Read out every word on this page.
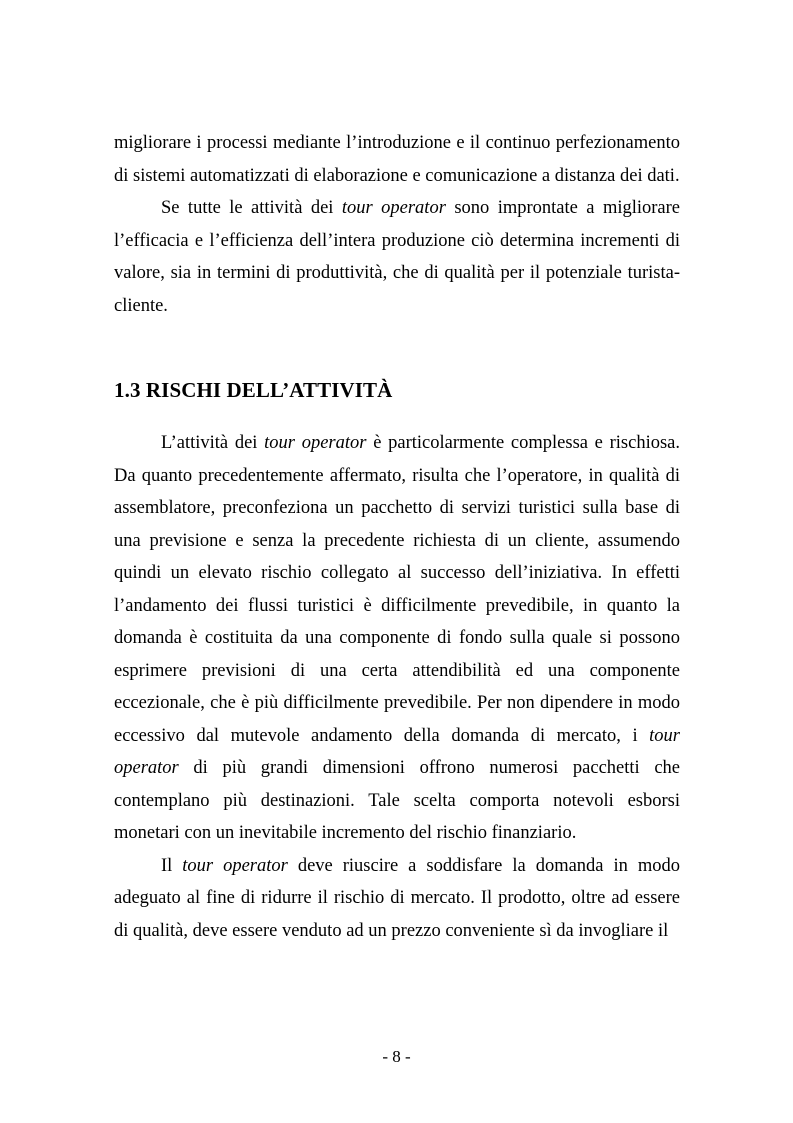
migliorare i processi mediante l’introduzione e il continuo perfezionamento di sistemi automatizzati di elaborazione e comunicazione a distanza dei dati.

Se tutte le attività dei tour operator sono improntate a migliorare l’efficacia e l’efficienza dell’intera produzione ciò determina incrementi di valore, sia in termini di produttività, che di qualità per il potenziale turista-cliente.

1.3 RISCHI DELL’ATTIVITÀ

L’attività dei tour operator è particolarmente complessa e rischiosa. Da quanto precedentemente affermato, risulta che l’operatore, in qualità di assemblatore, preconfeziona un pacchetto di servizi turistici sulla base di una previsione e senza la precedente richiesta di un cliente, assumendo quindi un elevato rischio collegato al successo dell’iniziativa. In effetti l’andamento dei flussi turistici è difficilmente prevedibile, in quanto la domanda è costituita da una componente di fondo sulla quale si possono esprimere previsioni di una certa attendibilità ed una componente eccezionale, che è più difficilmente prevedibile. Per non dipendere in modo eccessivo dal mutevole andamento della domanda di mercato, i tour operator di più grandi dimensioni offrono numerosi pacchetti che contemplano più destinazioni. Tale scelta comporta notevoli esborsi monetari con un inevitabile incremento del rischio finanziario.

Il tour operator deve riuscire a soddisfare la domanda in modo adeguato al fine di ridurre il rischio di mercato. Il prodotto, oltre ad essere di qualità, deve essere venduto ad un prezzo conveniente sì da invogliare il

- 8 -
